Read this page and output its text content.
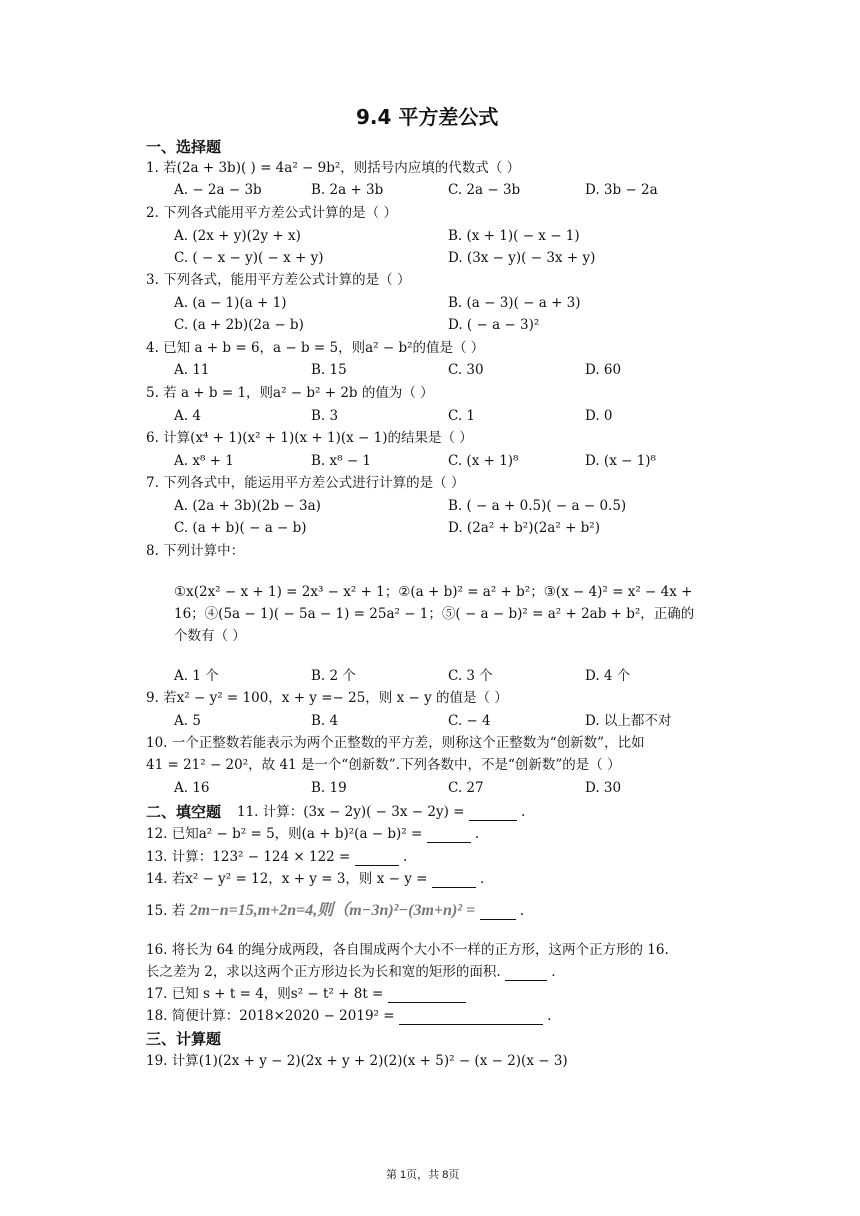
9.4 平方差公式
一、选择题
1. 若(2a + 3b)( ) = 4a² − 9b²，则括号内应填的代数式（ ）
A. − 2a − 3b	B. 2a + 3b	C. 2a − 3b	D. 3b − 2a
2. 下列各式能用平方差公式计算的是（ ）
A. (2x + y)(2y + x)	B. (x + 1)( − x − 1)
C. ( − x − y)( − x + y)	D. (3x − y)( − 3x + y)
3. 下列各式，能用平方差公式计算的是（ ）
A. (a − 1)(a + 1)	B. (a − 3)( − a + 3)
C. (a + 2b)(2a − b)	D. ( − a − 3)²
4. 已知 a + b = 6，a − b = 5，则a² − b²的值是（ ）
A. 11	B. 15	C. 30	D. 60
5. 若 a + b = 1，则a² − b² + 2b 的值为（ ）
A. 4	B. 3	C. 1	D. 0
6. 计算(x⁴ + 1)(x² + 1)(x + 1)(x − 1)的结果是（ ）
A. x⁸ + 1	B. x⁸ − 1	C. (x + 1)⁸	D. (x − 1)⁸
7. 下列各式中，能运用平方差公式进行计算的是（ ）
A. (2a + 3b)(2b − 3a)	B. ( − a + 0.5)( − a − 0.5)
C. (a + b)( − a − b)	D. (2a² + b²)(2a² + b²)
8. 下列计算中：
①x(2x² − x + 1) = 2x³ − x² + 1；②(a + b)² = a² + b²；③(x − 4)² = x² − 4x +
16；④(5a − 1)( − 5a − 1) = 25a² − 1；⑤( − a − b)² = a² + 2ab + b²，正确的
个数有（ ）
A. 1 个	B. 2 个	C. 3 个	D. 4 个
9. 若x² − y² = 100，x + y =− 25，则 x − y 的值是（ ）
A. 5	B. 4	C. − 4	D. 以上都不对
10. 一个正整数若能表示为两个正整数的平方差，则称这个正整数为“创新数”，比如
41 = 21² − 20²，故 41 是一个“创新数”.下列各数中，不是“创新数”的是（ ）
A. 16	B. 19	C. 27	D. 30
二、填空题 11. 计算：(3x − 2y)( − 3x − 2y) =	.
12. 已知a² − b² = 5，则(a + b)²(a − b)² =	.
13. 计算：123² − 124 × 122 =	.
14. 若x² − y² = 12，x + y = 3，则 x − y =	.
15. 若 2m−n=15,m+2n=4,则（m−3n)²−(3m+n)² =	.
16. 将长为 64 的绳分成两段，各自围成两个大小不一样的正方形，这两个正方形的 16.
长之差为 2，求以这两个正方形边长为长和宽的矩形的面积.	.
17. 已知 s + t = 4，则s² − t² + 8t =
18. 简便计算：2018×2020 − 2019² =	.
三、计算题
19. 计算(1)(2x + y − 2)(2x + y + 2)(2)(x + 5)² − (x − 2)(x − 3)
第 1页，共 8页
